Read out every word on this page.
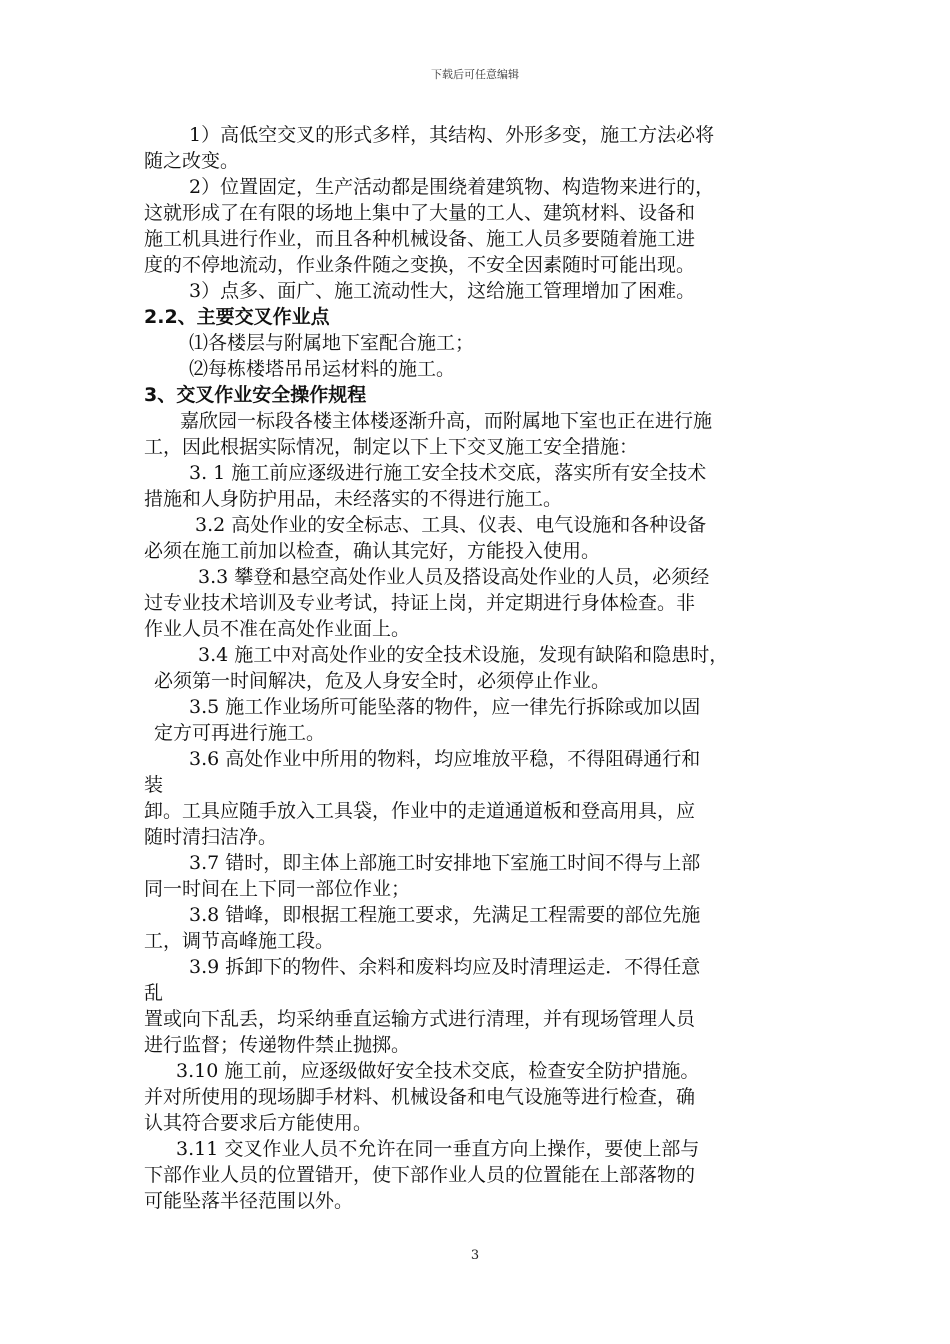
下载后可任意编辑
1）高低空交叉的形式多样，其结构、外形多变，施工方法必将
随之改变。
2）位置固定，生产活动都是围绕着建筑物、构造物来进行的，
这就形成了在有限的场地上集中了大量的工人、建筑材料、设备和
施工机具进行作业，而且各种机械设备、施工人员多要随着施工进
度的不停地流动，作业条件随之变换，不安全因素随时可能出现。
3）点多、面广、施工流动性大，这给施工管理增加了困难。
2.2、主要交叉作业点
⑴各楼层与附属地下室配合施工；
⑵每栋楼塔吊吊运材料的施工。
3、交叉作业安全操作规程
嘉欣园一标段各楼主体楼逐渐升高，而附属地下室也正在进行施
工，因此根据实际情况，制定以下上下交叉施工安全措施：
3. 1 施工前应逐级进行施工安全技术交底，落实所有安全技术
措施和人身防护用品，未经落实的不得进行施工。
3.2 高处作业的安全标志、工具、仪表、电气设施和各种设备
必须在施工前加以检查，确认其完好，方能投入使用。
3.3 攀登和悬空高处作业人员及搭设高处作业的人员，必须经
过专业技术培训及专业考试，持证上岗，并定期进行身体检查。非
作业人员不准在高处作业面上。
3.4 施工中对高处作业的安全技术设施，发现有缺陷和隐患时，
必须第一时间解决，危及人身安全时，必须停止作业。
3.5 施工作业场所可能坠落的物件，应一律先行拆除或加以固
定方可再进行施工。
3.6 高处作业中所用的物料，均应堆放平稳，不得阻碍通行和
装
卸。工具应随手放入工具袋，作业中的走道通道板和登高用具，应
随时清扫洁净。
3.7 错时，即主体上部施工时安排地下室施工时间不得与上部
同一时间在上下同一部位作业；
3.8 错峰，即根据工程施工要求，先满足工程需要的部位先施
工，调节高峰施工段。
3.9 拆卸下的物件、余料和废料均应及时清理运走．不得任意
乱
置或向下乱丢，均采纳垂直运输方式进行清理，并有现场管理人员
进行监督；传递物件禁止抛掷。
3.10 施工前，应逐级做好安全技术交底，检查安全防护措施。
并对所使用的现场脚手材料、机械设备和电气设施等进行检查，确
认其符合要求后方能使用。
3.11 交叉作业人员不允许在同一垂直方向上操作，要使上部与
下部作业人员的位置错开，使下部作业人员的位置能在上部落物的
可能坠落半径范围以外。
3
